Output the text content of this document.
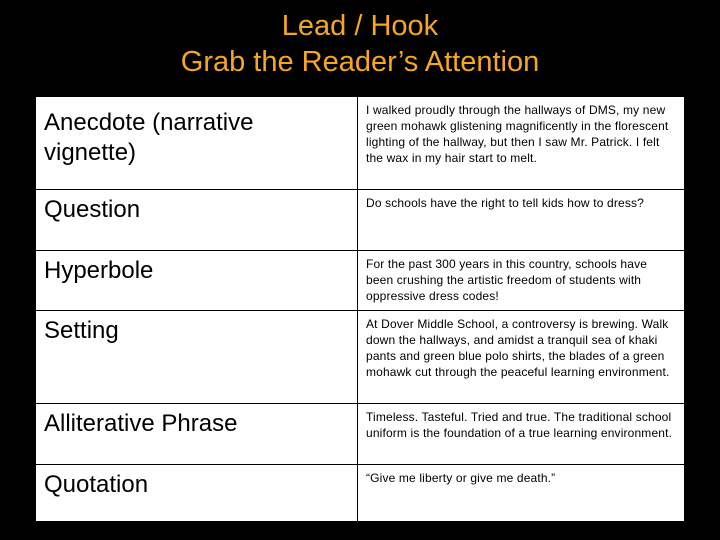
Lead / Hook
Grab the Reader’s Attention
Anecdote (narrative vignette)	I walked proudly through the hallways of DMS, my new green mohawk glistening magnificently in the florescent lighting of the hallway, but then I saw Mr. Patrick. I felt the wax in my hair start to melt.
Question	Do schools have the right to tell kids how to dress?
Hyperbole	For the past 300 years in this country, schools have been crushing the artistic freedom of students with oppressive dress codes!
Setting	At Dover Middle School, a controversy is brewing. Walk down the hallways, and amidst a tranquil sea of khaki pants and green blue polo shirts, the blades of a green mohawk cut through the peaceful learning environment.
Alliterative Phrase	Timeless. Tasteful. Tried and true. The traditional school uniform is the foundation of a true learning environment.
Quotation	“Give me liberty or give me death.”
